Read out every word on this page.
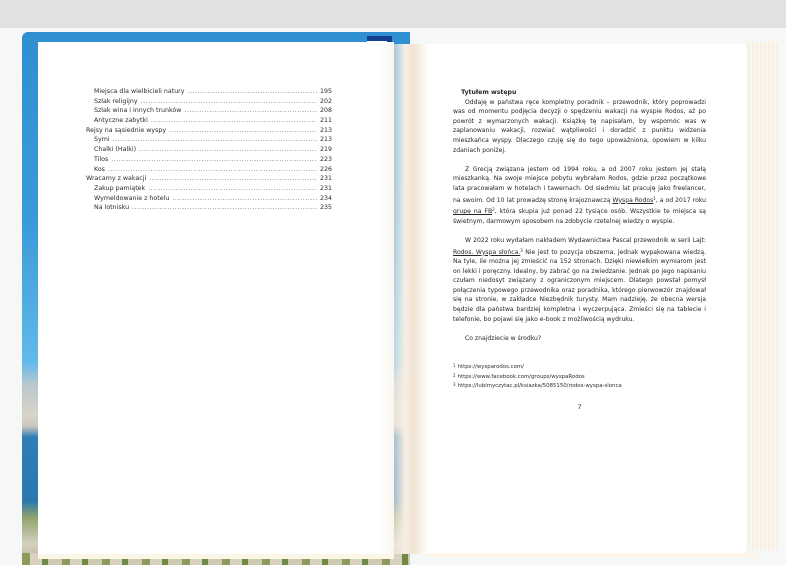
Miejsca dla wielbicieli natury .....	195
Szlak religijny .....	202
Szlak wina i innych trunków .....	208
Antyczne zabytki .....	211
Rejsy na sąsiednie wyspy .....	213
Symi .....	213
Chalki (Halki) .....	219
Tilos .....	223
Kos .....	226
Wracamy z wakacji .....	231
Zakup pamiątek .....	231
Wymeldowanie z hotelu .....	234
Na lotnisku .....	235
Tytułem wstępu

Oddaję w państwa ręce kompletny poradnik – przewodnik, który poprowadzi was od momentu podjęcia decyzji o spędzeniu wakacji na wyspie Rodos, aż po powrót z wymarzonych wakacji. Książkę tę napisałam, by wspomóc was w zaplanowaniu wakacji, rozwiać wątpliwości i doradzić z punktu widzenia mieszkańca wyspy. Dlaczego czuję się do tego upoważniona, opowiem w kilku zdaniach poniżej.

Z Grecją związana jestem od 1994 roku, a od 2007 roku jestem jej stałą mieszkanką. Na swoje miejsce pobytu wybrałam Rodos, gdzie przez początkowe lata pracowałam w hotelach i tawernach. Od siedmiu lat pracuję jako freelancer, na swoim. Od 10 lat prowadzę stronę krajoznawczą Wyspa Rodos$^1$, a od 2017 roku grupę na $FB^2$, która skupia już ponad 22 tysiące osób. Wszystkie te miejsca są świetnym, darmowym sposobem na zdobycie rzetelnej wiedzy o wyspie.

W 2022 roku wydałam nakładem Wydawnictwa Pascal przewodnik w serii Lajt: Rodos. Wyspa słońca.$^3$ Nie jest to pozycja obszerna, jednak wypakowana wiedzą. Na tyle, ile można jej zmieścić na 152 stronach. Dzięki niewielkim wymiarom jest on lekki i poręczny. Idealny, by zabrać go na zwiedzanie. Jednak po jego napisaniu czułam niedosyt związany z ograniczonym miejscem. Dlatego powstał pomysł połączenia typowego przewodnika oraz poradnika, którego pierwowzór znajdował się na stronie, w zakładce Niezbędnik turysty. Mam nadzieję, że obecna wersja będzie dla państwa bardziej kompletna i wyczerpująca. Zmieści się na tablecie i telefonie, bo pojawi się jako e-book z możliwością wydruku.

Co znajdziecie w środku?
1 https://wysparodos.com/
2 https://www.facebook.com/groups/wyspaRodos
3 https://lubimyczytac.pl/ksiazka/5085150/rodos-wyspa-slonca
7
